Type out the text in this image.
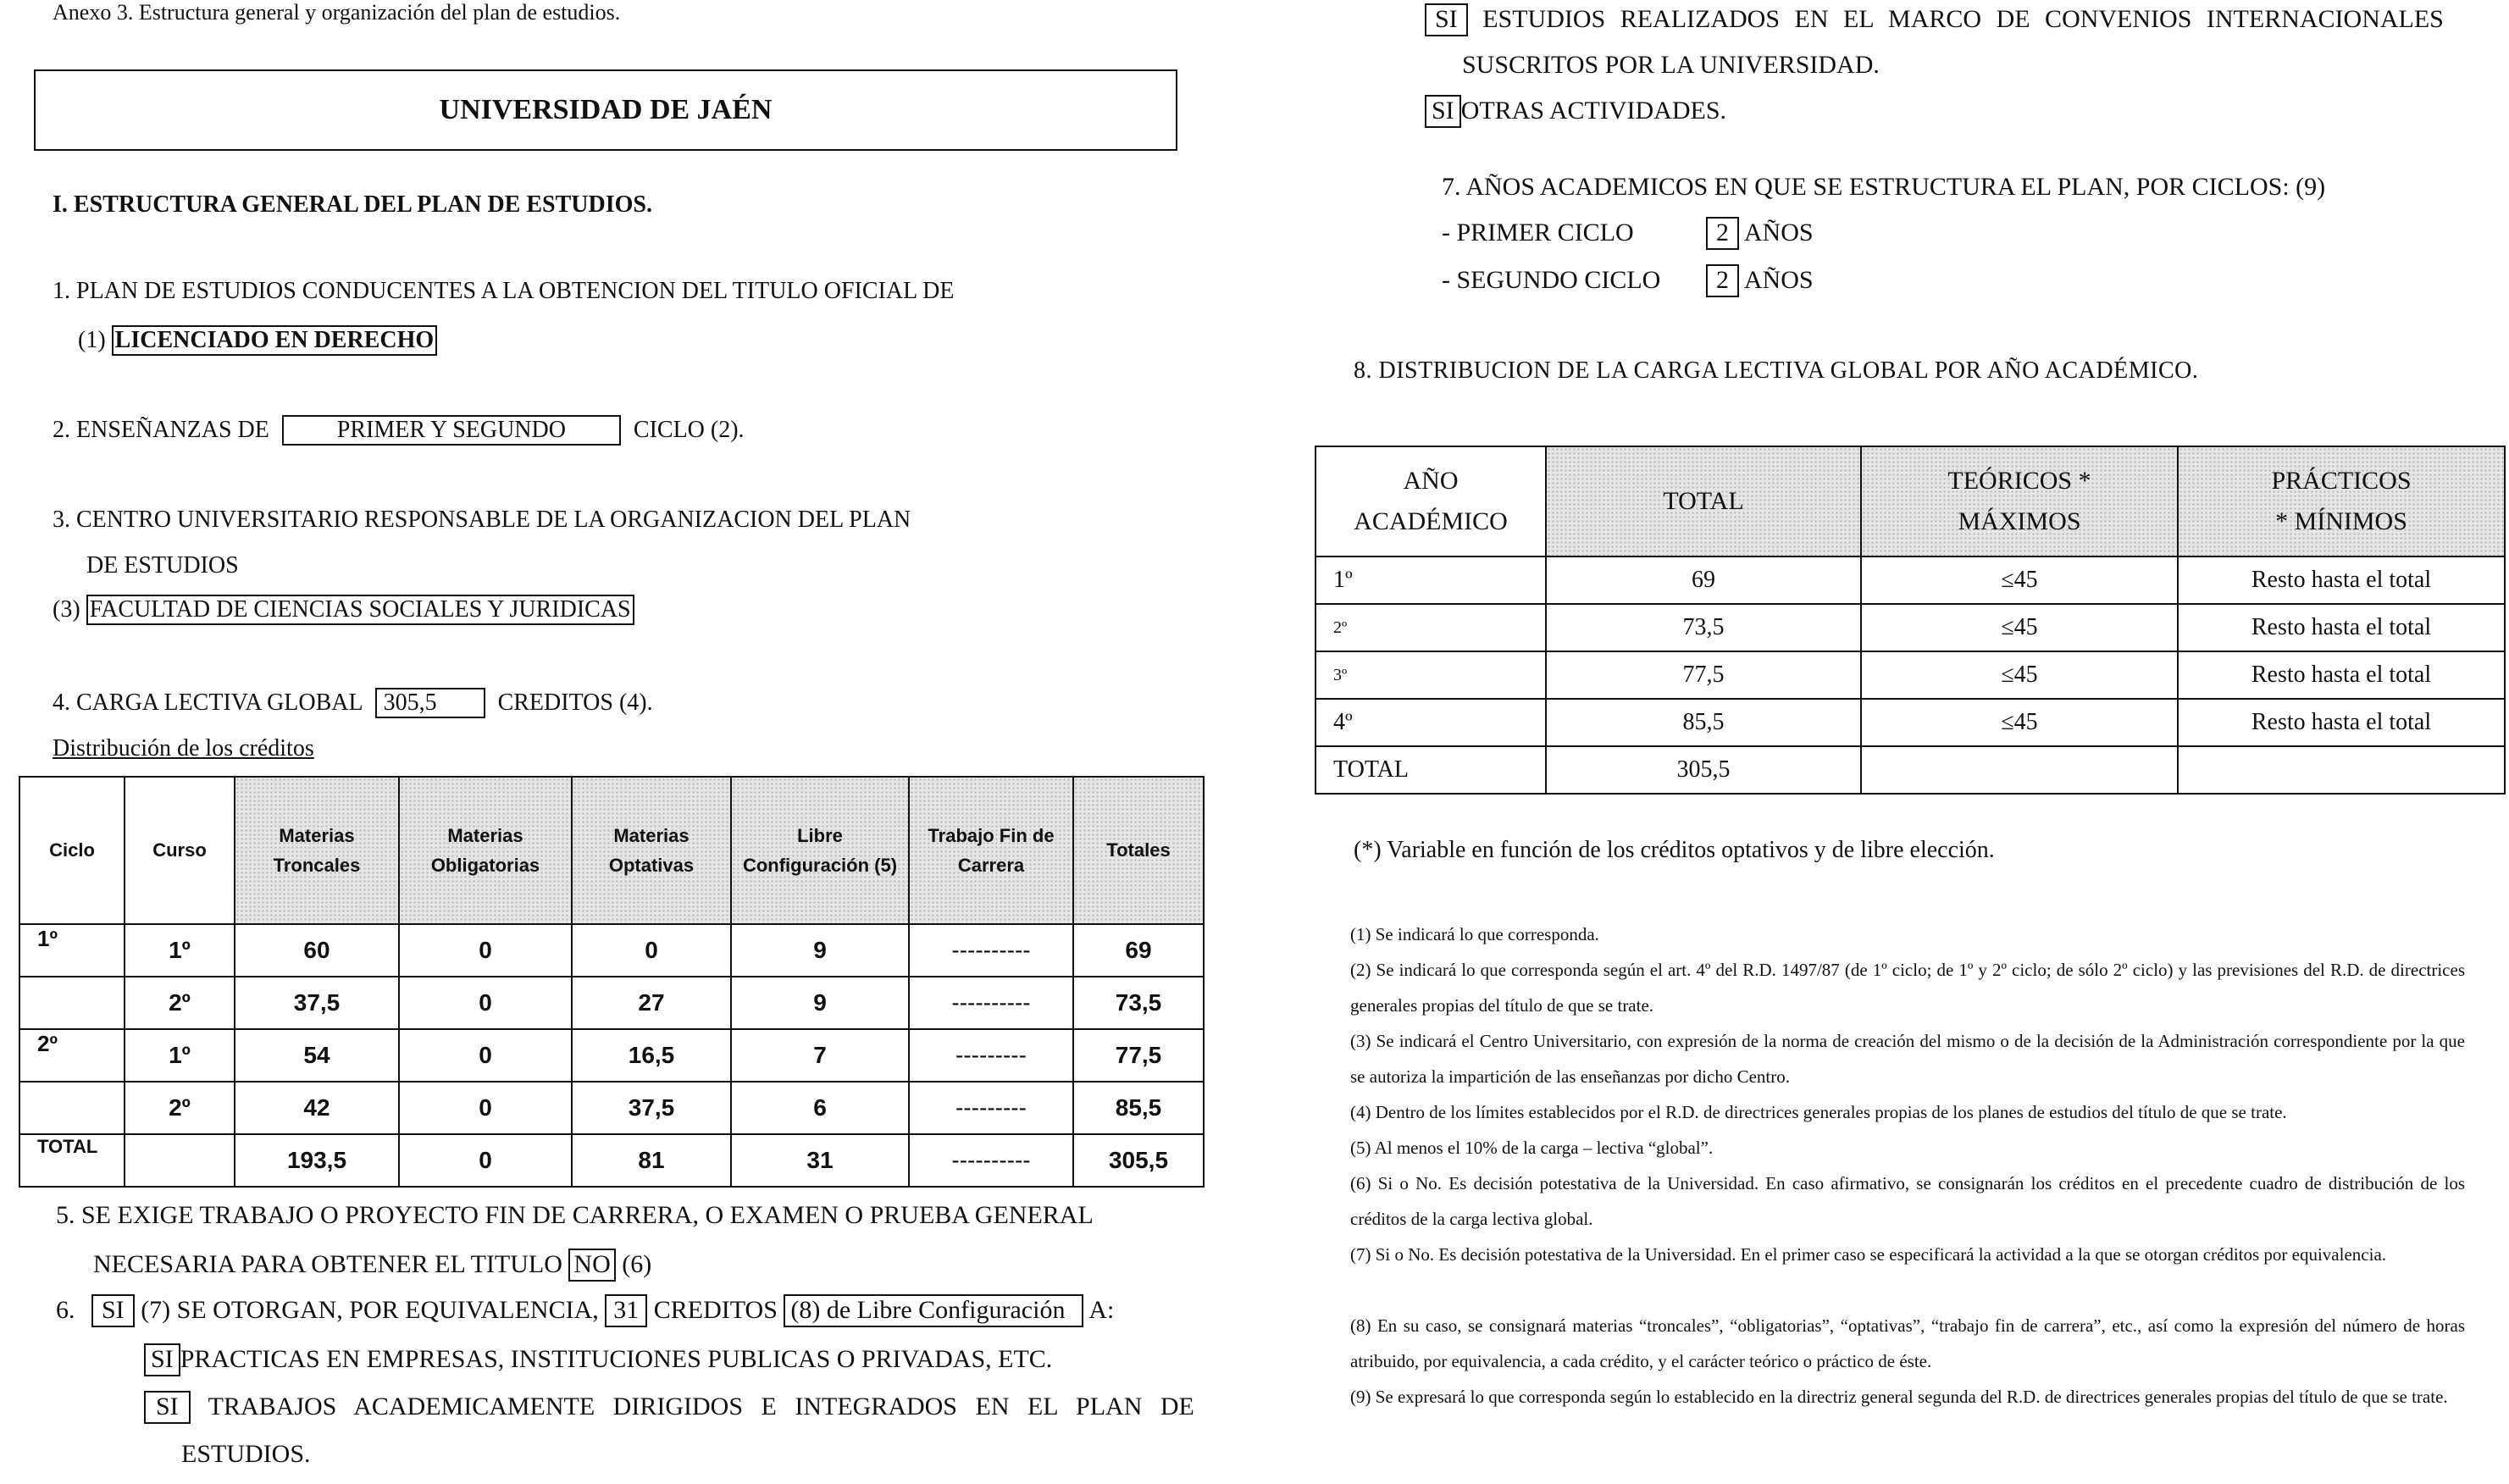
Anexo 3. Estructura general y organización del plan de estudios.
UNIVERSIDAD DE JAÉN
I. ESTRUCTURA GENERAL DEL PLAN DE ESTUDIOS.
1. PLAN DE ESTUDIOS CONDUCENTES A LA OBTENCION DEL TITULO OFICIAL DE
(1) LICENCIADO EN DERECHO
2. ENSEÑANZAS DE	PRIMER Y SEGUNDO	CICLO (2).
3. CENTRO UNIVERSITARIO RESPONSABLE DE LA ORGANIZACION DEL PLAN
DE ESTUDIOS
(3) FACULTAD DE CIENCIAS SOCIALES Y JURIDICAS
4. CARGA LECTIVA GLOBAL 305,5	CREDITOS (4).
Distribución de los créditos
Ciclo	Curso	Materias Troncales	Materias Obligatorias	Materias Optativas	Libre Configuración (5)	Trabajo Fin de Carrera	Totales
1º	1º	60	0	0	9	----------	69
	2º	37,5	0	27	9	----------	73,5
2º	1º	54	0	16,5	7	---------	77,5
	2º	42	0	37,5	6	---------	85,5
TOTAL		193,5	0	81	31	----------	305,5
5. SE EXIGE TRABAJO O PROYECTO FIN DE CARRERA, O EXAMEN O PRUEBA GENERAL
NECESARIA PARA OBTENER EL TITULO NO (6)
6. SI (7) SE OTORGAN, POR EQUIVALENCIA, 31 CREDITOS (8) de Libre Configuración A:
SI PRACTICAS EN EMPRESAS, INSTITUCIONES PUBLICAS O PRIVADAS, ETC.
SI TRABAJOS ACADEMICAMENTE DIRIGIDOS E INTEGRADOS EN EL PLAN DE
ESTUDIOS.
SI ESTUDIOS REALIZADOS EN EL MARCO DE CONVENIOS INTERNACIONALES
SUSCRITOS POR LA UNIVERSIDAD.
SI OTRAS ACTIVIDADES.
7. AÑOS ACADEMICOS EN QUE SE ESTRUCTURA EL PLAN, POR CICLOS: (9)
- PRIMER CICLO	2 AÑOS
- SEGUNDO CICLO 2 AÑOS
8. DISTRIBUCION DE LA CARGA LECTIVA GLOBAL POR AÑO ACADÉMICO.
AÑO ACADÉMICO	TOTAL	TEÓRICOS * MÁXIMOS	PRÁCTICOS * MÍNIMOS

1º	69	≤45	Resto hasta el total
2º	73,5	≤45	Resto hasta el total
3º	77,5	≤45	Resto hasta el total
4º	85,5	≤45	Resto hasta el total
TOTAL	305,5		
(*) Variable en función de los créditos optativos y de libre elección.
(1) Se indicará lo que corresponda.
(2) Se indicará lo que corresponda según el art. 4º del R.D. 1497/87 (de 1º ciclo; de 1º y 2º ciclo; de sólo 2º ciclo) y las previsiones del R.D. de directrices generales propias del título de que se trate.
(3) Se indicará el Centro Universitario, con expresión de la norma de creación del mismo o de la decisión de la Administración correspondiente por la que se autoriza la impartición de las enseñanzas por dicho Centro.
(4) Dentro de los límites establecidos por el R.D. de directrices generales propias de los planes de estudios del título de que se trate.
(5) Al menos el 10% de la carga – lectiva “global”.
(6) Si o No. Es decisión potestativa de la Universidad. En caso afirmativo, se consignarán los créditos en el precedente cuadro de distribución de los créditos de la carga lectiva global.
(7) Si o No. Es decisión potestativa de la Universidad. En el primer caso se especificará la actividad a la que se otorgan créditos por equivalencia.
(8) En su caso, se consignará materias “troncales”, “obligatorias”, “optativas”, “trabajo fin de carrera”, etc., así como la expresión del número de horas atribuido, por equivalencia, a cada crédito, y el carácter teórico o práctico de éste.
(9) Se expresará lo que corresponda según lo establecido en la directriz general segunda del R.D. de directrices generales propias del título de que se trate.
